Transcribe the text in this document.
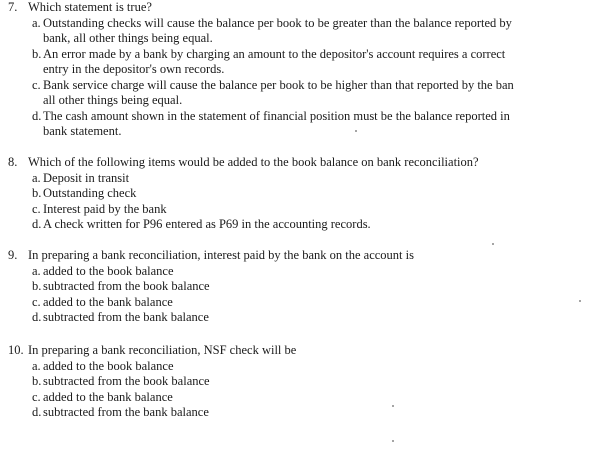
7. Which statement is true?
a. Outstanding checks will cause the balance per book to be greater than the balance reported by
bank, all other things being equal.
b. An error made by a bank by charging an amount to the depositor's account requires a correct
entry in the depositor's own records.
c. Bank service charge will cause the balance per book to be higher than that reported by the ban
all other things being equal.
d. The cash amount shown in the statement of financial position must be the balance reported in
bank statement.
8. Which of the following items would be added to the book balance on bank reconciliation?
a. Deposit in transit
b. Outstanding check
c. Interest paid by the bank
d. A check written for P96 entered as P69 in the accounting records.
9. In preparing a bank reconciliation, interest paid by the bank on the account is
a. added to the book balance
b. subtracted from the book balance
c. added to the bank balance
d. subtracted from the bank balance
10. In preparing a bank reconciliation, NSF check will be
a. added to the book balance
b. subtracted from the book balance
c. added to the bank balance
d. subtracted from the bank balance
